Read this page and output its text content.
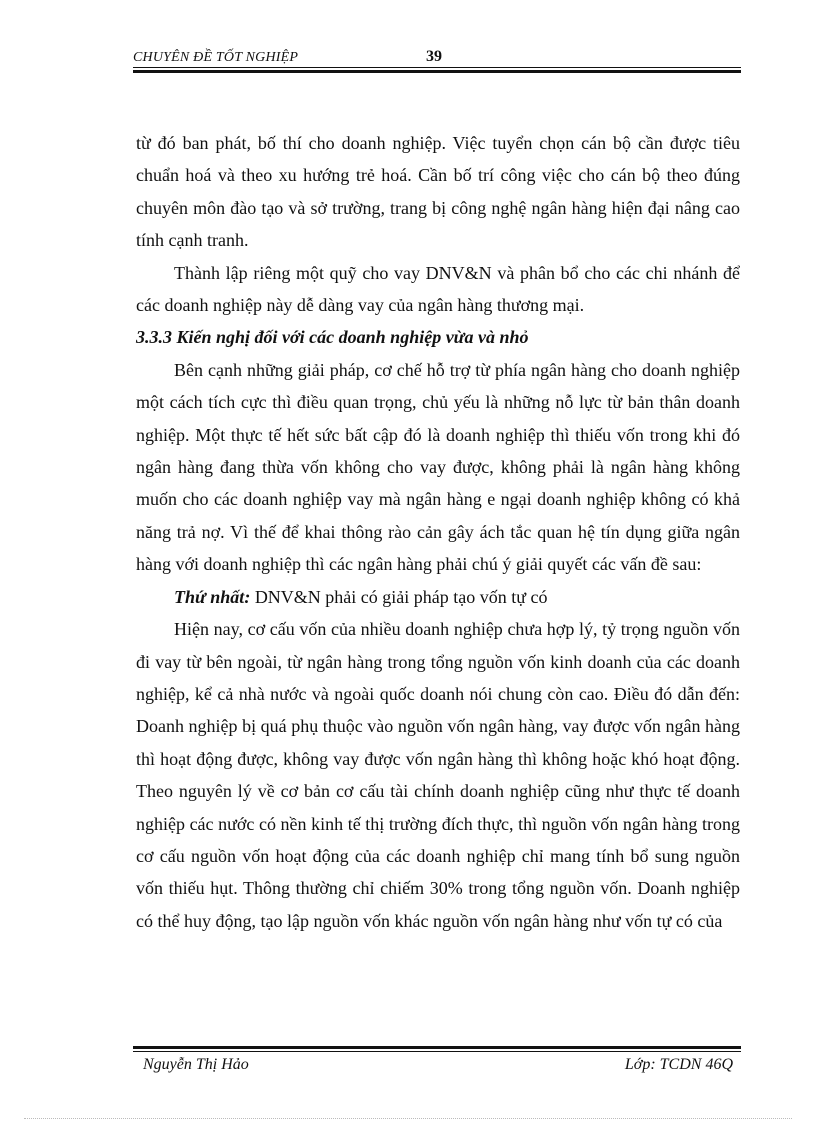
CHUYÊN ĐỀ TỐT NGHIỆP	39

từ đó ban phát, bố thí cho doanh nghiệp. Việc tuyển chọn cán bộ cần được tiêu chuẩn hoá và theo xu hướng trẻ hoá. Cần bố trí công việc cho cán bộ theo đúng chuyên môn đào tạo và sở trường, trang bị công nghệ ngân hàng hiện đại nâng cao tính cạnh tranh.

Thành lập riêng một quỹ cho vay DNV&N và phân bổ cho các chi nhánh để các doanh nghiệp này dễ dàng vay của ngân hàng thương mại.

3.3.3 Kiến nghị đối với các doanh nghiệp vừa và nhỏ

Bên cạnh những giải pháp, cơ chế hỗ trợ từ phía ngân hàng cho doanh nghiệp một cách tích cực thì điều quan trọng, chủ yếu là những nỗ lực từ bản thân doanh nghiệp. Một thực tế hết sức bất cập đó là doanh nghiệp thì thiếu vốn trong khi đó ngân hàng đang thừa vốn không cho vay được, không phải là ngân hàng không muốn cho các doanh nghiệp vay mà ngân hàng e ngại doanh nghiệp không có khả năng trả nợ. Vì thế để khai thông rào cản gây ách tắc quan hệ tín dụng giữa ngân hàng với doanh nghiệp thì các ngân hàng phải chú ý giải quyết các vấn đề sau:

Thứ nhất: DNV&N phải có giải pháp tạo vốn tự có

Hiện nay, cơ cấu vốn của nhiều doanh nghiệp chưa hợp lý, tỷ trọng nguồn vốn đi vay từ bên ngoài, từ ngân hàng trong tổng nguồn vốn kinh doanh của các doanh nghiệp, kể cả nhà nước và ngoài quốc doanh nói chung còn cao. Điều đó dẫn đến: Doanh nghiệp bị quá phụ thuộc vào nguồn vốn ngân hàng, vay được vốn ngân hàng thì hoạt động được, không vay được vốn ngân hàng thì không hoặc khó hoạt động. Theo nguyên lý về cơ bản cơ cấu tài chính doanh nghiệp cũng như thực tế doanh nghiệp các nước có nền kinh tế thị trường đích thực, thì nguồn vốn ngân hàng trong cơ cấu nguồn vốn hoạt động của các doanh nghiệp chỉ mang tính bổ sung nguồn vốn thiếu hụt. Thông thường chỉ chiếm 30% trong tổng nguồn vốn. Doanh nghiệp có thể huy động, tạo lập nguồn vốn khác nguồn vốn ngân hàng như vốn tự có của

Nguyễn Thị Hảo	Lớp: TCDN 46Q
